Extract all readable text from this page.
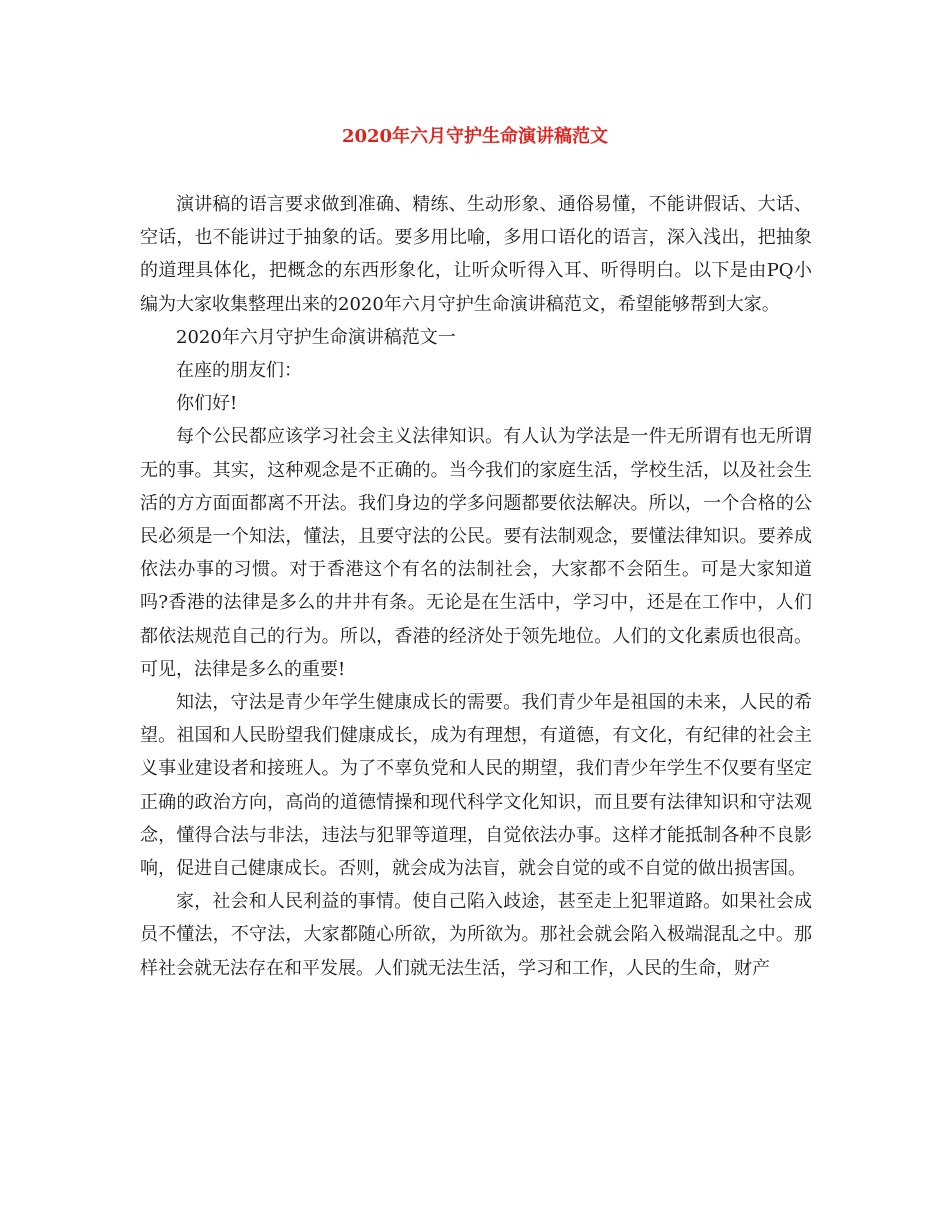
2020年六月守护生命演讲稿范文

演讲稿的语言要求做到准确、精练、生动形象、通俗易懂，不能讲假话、大话、空话，也不能讲过于抽象的话。要多用比喻，多用口语化的语言，深入浅出，把抽象的道理具体化，把概念的东西形象化，让听众听得入耳、听得明白。以下是由PQ小编为大家收集整理出来的2020年六月守护生命演讲稿范文，希望能够帮到大家。

2020年六月守护生命演讲稿范文一

在座的朋友们：

你们好!

每个公民都应该学习社会主义法律知识。有人认为学法是一件无所谓有也无所谓无的事。其实，这种观念是不正确的。当今我们的家庭生活，学校生活，以及社会生活的方方面面都离不开法。我们身边的学多问题都要依法解决。所以，一个合格的公民必须是一个知法，懂法，且要守法的公民。要有法制观念，要懂法律知识。要养成依法办事的习惯。对于香港这个有名的法制社会，大家都不会陌生。可是大家知道吗?香港的法律是多么的井井有条。无论是在生活中，学习中，还是在工作中，人们都依法规范自己的行为。所以，香港的经济处于领先地位。人们的文化素质也很高。可见，法律是多么的重要!

知法，守法是青少年学生健康成长的需要。我们青少年是祖国的未来，人民的希望。祖国和人民盼望我们健康成长，成为有理想，有道德，有文化，有纪律的社会主义事业建设者和接班人。为了不辜负党和人民的期望，我们青少年学生不仅要有坚定正确的政治方向，高尚的道德情操和现代科学文化知识，而且要有法律知识和守法观念，懂得合法与非法，违法与犯罪等道理，自觉依法办事。这样才能抵制各种不良影响，促进自己健康成长。否则，就会成为法盲，就会自觉的或不自觉的做出损害国。

家，社会和人民利益的事情。使自己陷入歧途，甚至走上犯罪道路。如果社会成员不懂法，不守法，大家都随心所欲，为所欲为。那社会就会陷入极端混乱之中。那样社会就无法存在和平发展。人们就无法生活，学习和工作，人民的生命，财产
